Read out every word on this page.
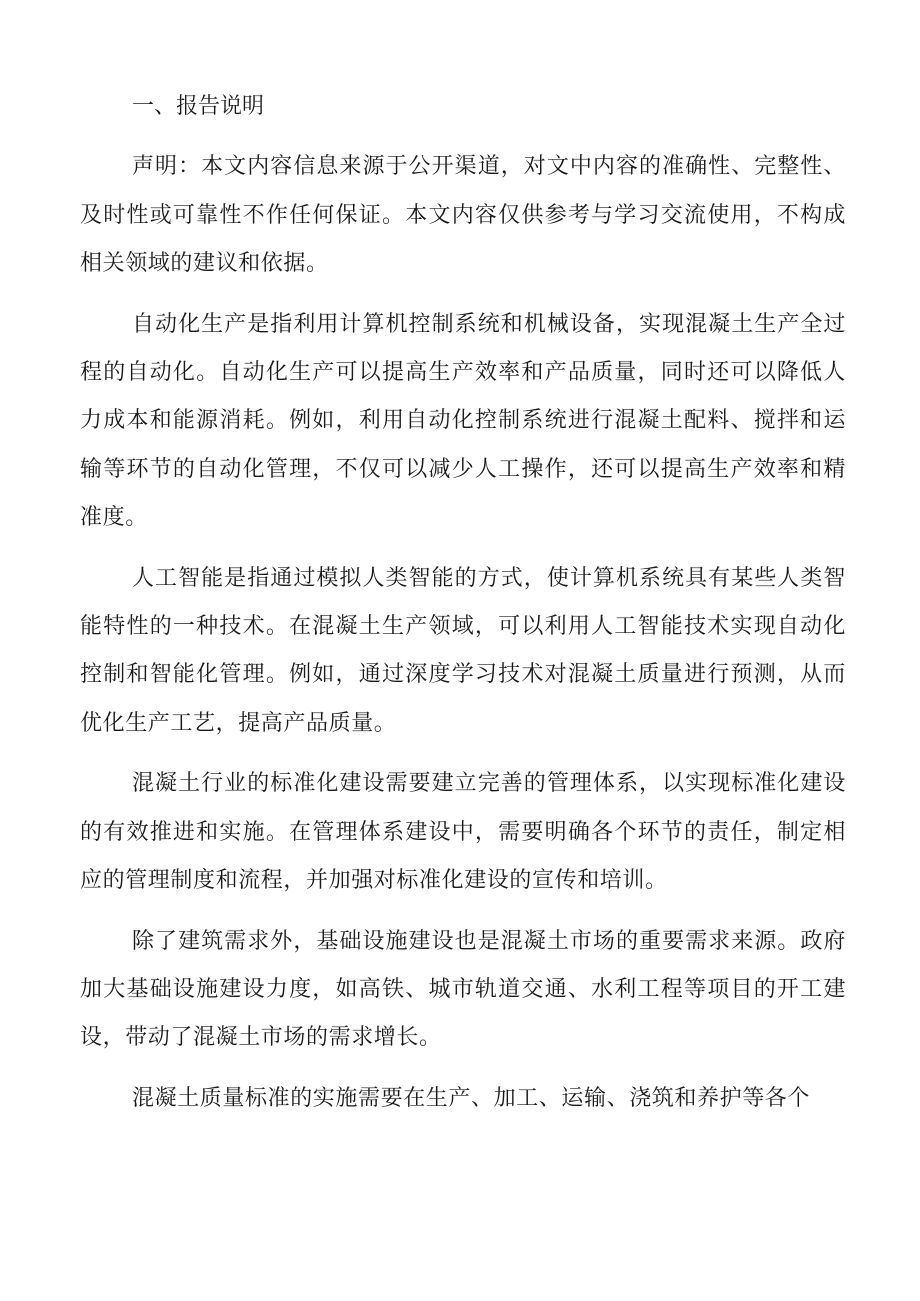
一、报告说明

声明：本文内容信息来源于公开渠道，对文中内容的准确性、完整性、及时性或可靠性不作任何保证。本文内容仅供参考与学习交流使用，不构成相关领域的建议和依据。

自动化生产是指利用计算机控制系统和机械设备，实现混凝土生产全过程的自动化。自动化生产可以提高生产效率和产品质量，同时还可以降低人力成本和能源消耗。例如，利用自动化控制系统进行混凝土配料、搅拌和运输等环节的自动化管理，不仅可以减少人工操作，还可以提高生产效率和精准度。

人工智能是指通过模拟人类智能的方式，使计算机系统具有某些人类智能特性的一种技术。在混凝土生产领域，可以利用人工智能技术实现自动化控制和智能化管理。例如，通过深度学习技术对混凝土质量进行预测，从而优化生产工艺，提高产品质量。

混凝土行业的标准化建设需要建立完善的管理体系，以实现标准化建设的有效推进和实施。在管理体系建设中，需要明确各个环节的责任，制定相应的管理制度和流程，并加强对标准化建设的宣传和培训。

除了建筑需求外，基础设施建设也是混凝土市场的重要需求来源。政府加大基础设施建设力度，如高铁、城市轨道交通、水利工程等项目的开工建设，带动了混凝土市场的需求增长。

混凝土质量标准的实施需要在生产、加工、运输、浇筑和养护等各个
